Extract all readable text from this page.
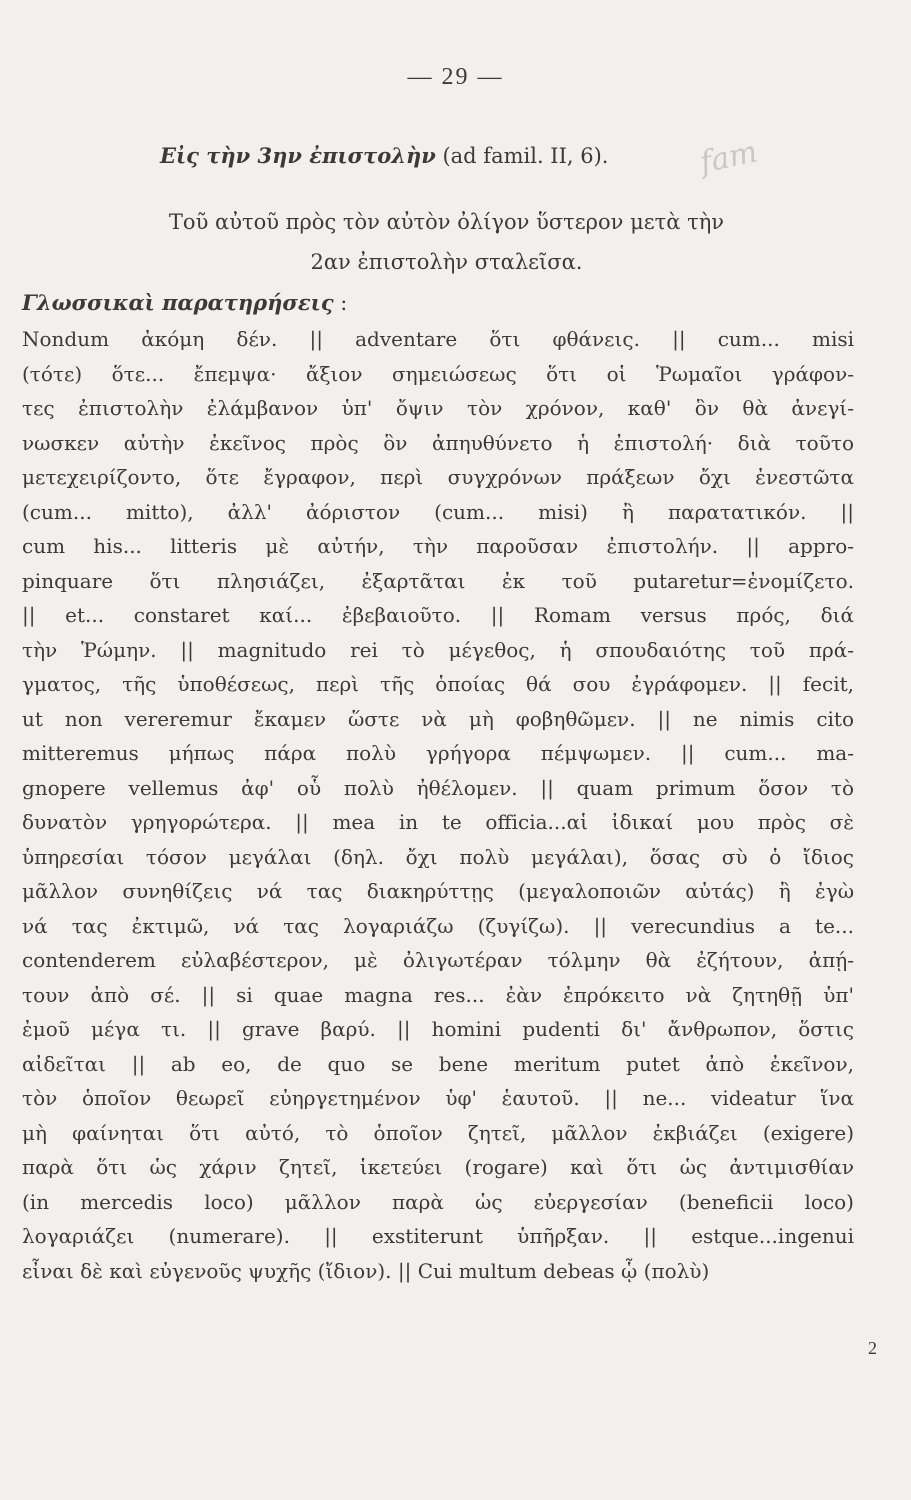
— 29 —
fam
Εἰς τὴν 3ην ἐπιστολὴν (ad famil. II, 6).
Τοῦ αὐτοῦ πρὸς τὸν αὐτὸν ὀλίγον ὕστερον μετὰ τὴν
2αν ἐπιστολὴν σταλεῖσα.
Γλωσσικαὶ παρατηρήσεις :
Nondum ἀκόμη δέν. || adventare ὅτι φθάνεις. || cum... misi
(τότε) ὅτε... ἔπεμψα· ἄξιον σημειώσεως ὅτι οἱ Ῥωμαῖοι γράφον-
τες ἐπιστολὴν ἐλάμβανον ὑπ' ὄψιν τὸν χρόνον, καθ' ὃν θὰ ἀνεγί-
νωσκεν αὐτὴν ἐκεῖνος πρὸς ὃν ἀπηυθύνετο ἡ ἐπιστολή· διὰ τοῦτο
μετεχειρίζοντο, ὅτε ἔγραφον, περὶ συγχρόνων πράξεων ὄχι ἐνεστῶτα
(cum... mitto), ἀλλ' ἀόριστον (cum... misi) ἢ παρατατικόν. ||
cum his... litteris μὲ αὐτήν, τὴν παροῦσαν ἐπιστολήν. || appro-
pinquare ὅτι πλησιάζει, ἐξαρτᾶται ἐκ τοῦ putaretur=ἐνομίζετο.
|| et... constaret καί... ἐβεβαιοῦτο. || Romam versus πρός, διά
τὴν Ῥώμην. || magnitudo rei τὸ μέγεθος, ἡ σπουδαιότης τοῦ πρά-
γματος, τῆς ὑποθέσεως, περὶ τῆς ὁποίας θά σου ἐγράφομεν. || fecit,
ut non vereremur ἔκαμεν ὥστε νὰ μὴ φοβηθῶμεν. || ne nimis cito
mitteremus μήπως πάρα πολὺ γρήγορα πέμψωμεν. || cum... ma-
gnopere vellemus ἀφ' οὗ πολὺ ἠθέλομεν. || quam primum ὅσον τὸ
δυνατὸν γρηγορώτερα. || mea in te officia...αἱ ἰδικαί μου πρὸς σὲ
ὑπηρεσίαι τόσον μεγάλαι (δηλ. ὄχι πολὺ μεγάλαι), ὅσας σὺ ὁ ἴδιος
μᾶλλον συνηθίζεις νά τας διακηρύττῃς (μεγαλοποιῶν αὐτάς) ἢ ἐγὼ
νά τας ἐκτιμῶ, νά τας λογαριάζω (ζυγίζω). || verecundius a te...
contenderem εὐλαβέστερον, μὲ ὀλιγωτέραν τόλμην θὰ ἐζήτουν, ἀπῄ-
τουν ἀπὸ σέ. || si quae magna res... ἐὰν ἐπρόκειτο νὰ ζητηθῇ ὑπ'
ἐμοῦ μέγα τι. || grave βαρύ. || homini pudenti δι' ἄνθρωπον, ὅστις
αἰδεῖται || ab eo, de quo se bene meritum putet ἀπὸ ἐκεῖνον,
τὸν ὁποῖον θεωρεῖ εὐηργετημένον ὑφ' ἑαυτοῦ. || ne... videatur ἵνα
μὴ φαίνηται ὅτι αὐτό, τὸ ὁποῖον ζητεῖ, μᾶλλον ἐκβιάζει (exigere)
παρὰ ὅτι ὡς χάριν ζητεῖ, ἱκετεύει (rogare) καὶ ὅτι ὡς ἀντιμισθίαν
(in mercedis loco) μᾶλλον παρὰ ὡς εὐεργεσίαν (beneficii loco)
λογαριάζει (numerare). || exstiterunt ὑπῆρξαν. || estque...ingenui
εἶναι δὲ καὶ εὐγενοῦς ψυχῆς (ἴδιον). || Cui multum debeas ᾧ (πολὺ)
2
